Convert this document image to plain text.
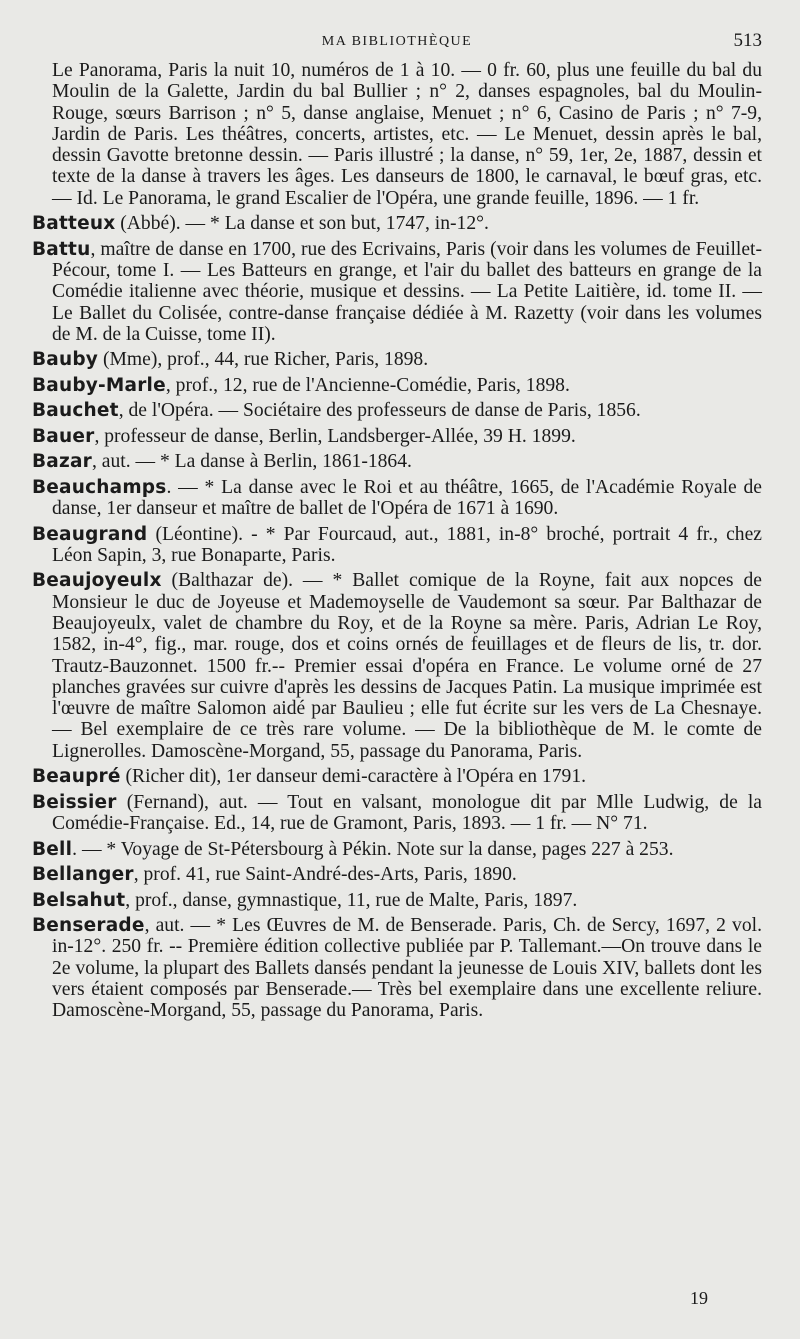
MA BIBLIOTHÈQUE	513

Le Panorama, Paris la nuit 10, numéros de 1 à 10. — 0 fr. 60, plus une feuille du bal du Moulin de la Galette, Jardin du bal Bullier ; n° 2, danses espagnoles, bal du Moulin-Rouge, sœurs Barrison ; n° 5, danse anglaise, Menuet ; n° 6, Casino de Paris ; n° 7-9, Jardin de Paris. Les théâtres, concerts, artistes, etc. — Le Menuet, dessin après le bal, dessin Gavotte bretonne dessin. — Paris illustré ; la danse, n° 59, 1er, 2e, 1887, dessin et texte de la danse à travers les âges. Les danseurs de 1800, le carnaval, le bœuf gras, etc. — Id. Le Panorama, le grand Escalier de l'Opéra, une grande feuille, 1896. — 1 fr.

Batteux (Abbé). — * La danse et son but, 1747, in-12°.

Battu, maître de danse en 1700, rue des Ecrivains, Paris (voir dans les volumes de Feuillet-Pécour, tome I. — Les Batteurs en grange, et l'air du ballet des batteurs en grange de la Comédie italienne avec théorie, musique et dessins. — La Petite Laitière, id. tome II. — Le Ballet du Colisée, contre-danse française dédiée à M. Razetty (voir dans les volumes de M. de la Cuisse, tome II).

Bauby (Mme), prof., 44, rue Richer, Paris, 1898.

Bauby-Marle, prof., 12, rue de l'Ancienne-Comédie, Paris, 1898.

Bauchet, de l'Opéra. — Sociétaire des professeurs de danse de Paris, 1856.

Bauer, professeur de danse, Berlin, Landsberger-Allée, 39 H. 1899.

Bazar, aut. — * La danse à Berlin, 1861-1864.

Beauchamps. — * La danse avec le Roi et au théâtre, 1665, de l'Académie Royale de danse, 1er danseur et maître de ballet de l'Opéra de 1671 à 1690.

Beaugrand (Léontine). - * Par Fourcaud, aut., 1881, in-8° broché, portrait 4 fr., chez Léon Sapin, 3, rue Bonaparte, Paris.

Beaujoyeulx (Balthazar de). — * Ballet comique de la Royne, fait aux nopces de Monsieur le duc de Joyeuse et Mademoyselle de Vaudemont sa sœur. Par Balthazar de Beaujoyeulx, valet de chambre du Roy, et de la Royne sa mère. Paris, Adrian Le Roy, 1582, in-4°, fig., mar. rouge, dos et coins ornés de feuillages et de fleurs de lis, tr. dor. Trautz-Bauzonnet. 1500 fr.-- Premier essai d'opéra en France. Le volume orné de 27 planches gravées sur cuivre d'après les dessins de Jacques Patin. La musique imprimée est l'œuvre de maître Salomon aidé par Baulieu ; elle fut écrite sur les vers de La Chesnaye. — Bel exemplaire de ce très rare volume. — De la bibliothèque de M. le comte de Lignerolles. Damoscène-Morgand, 55, passage du Panorama, Paris.

Beaupré (Richer dit), 1er danseur demi-caractère à l'Opéra en 1791.

Beissier (Fernand), aut. — Tout en valsant, monologue dit par Mlle Ludwig, de la Comédie-Française. Ed., 14, rue de Gramont, Paris, 1893. — 1 fr. — N° 71.

Bell. — * Voyage de St-Pétersbourg à Pékin. Note sur la danse, pages 227 à 253.

Bellanger, prof. 41, rue Saint-André-des-Arts, Paris, 1890.

Belsahut, prof., danse, gymnastique, 11, rue de Malte, Paris, 1897.

Benserade, aut. — * Les Œuvres de M. de Benserade. Paris, Ch. de Sercy, 1697, 2 vol. in-12°. 250 fr. -- Première édition collective publiée par P. Tallemant.—On trouve dans le 2e volume, la plupart des Ballets dansés pendant la jeunesse de Louis XIV, ballets dont les vers étaient composés par Benserade.— Très bel exemplaire dans une excellente reliure. Damoscène-Morgand, 55, passage du Panorama, Paris.

19
